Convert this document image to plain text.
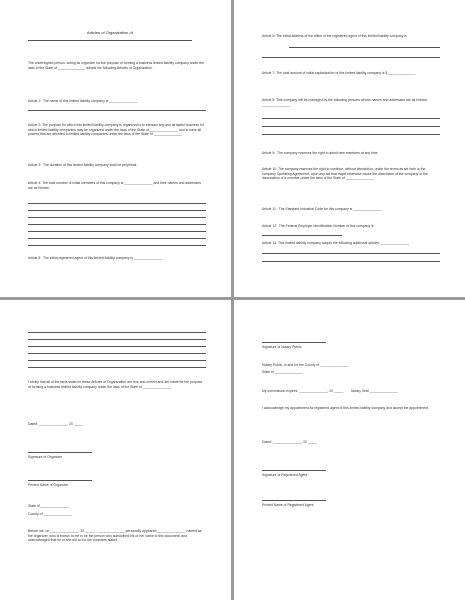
Articles of Organization of
The undersigned person, acting as organizer for the purpose of forming a business limited liability company under the laws of the State of ______________, adopts the following Articles of Organization.
Article 1:  The name of this limited liability company is _______________
Article 2: The purpose for which this limited liability company is organized is to transact any and all lawful business for which limited liability companies may be organized under the laws of the State of _______________ and to have all powers that are afforded to limited liability companies under the laws of the State of _______________.
Article 3:  The duration of this limited liability company shall be perpetual.
Article 4: The total number of initial members of this company is _______________ and their names and addresses are as follows:
Article 5:  The initial registered agent of this limited liability company is _______________
Article 6: The initial address of the office of the registered agent of this limited liability company is
Article 7: The total amount of initial capitalization of this limited liability company is $_______________
Article 8: This company will be managed by the following persons whose names and addresses are as follows: _______________
Article 9:  The company reserves the right to admit new members at any time.
Article 10: The company reserves the right to continue, without dissolution, under the terms as set forth in the company Operating Agreement, upon any act that might otherwise cause the dissolution of the company or the dissociation of a member under the laws of the State of _______________
Article 11:  The Standard Industrial Code for this company is _______________
Article 12:  The Federal Employer Identification Number of this company is
Article 13: This limited liability company adopts the following additional articles: _______________
I certify that all of the facts stated in these Articles of Organization are true and correct and are made for the purpose of forming a business limited liability company under the laws of the State of _______________
Dated: _______________, 20 _____
Signature of Organizer
Printed Name of Organizer
State of _______________
County of _______________
Before me, on _______________, 20 _____, _______________ personally appeared _______________ named as the organizer, who is known to me to be the person who subscribed his or her name to this document, and acknowledged that he or she did so for the purposes stated.
Signature of Notary Public
Notary Public, in and for the County of _______________
State of _______________
My commission expires: _______________, 20 _____        Notary Seal _______________
I acknowledge my appointment as registered agent of this limited liability company and accept the appointment.
Dated: _______________, 20 _____
Signature of Registered Agent
Printed Name of Registered Agent
